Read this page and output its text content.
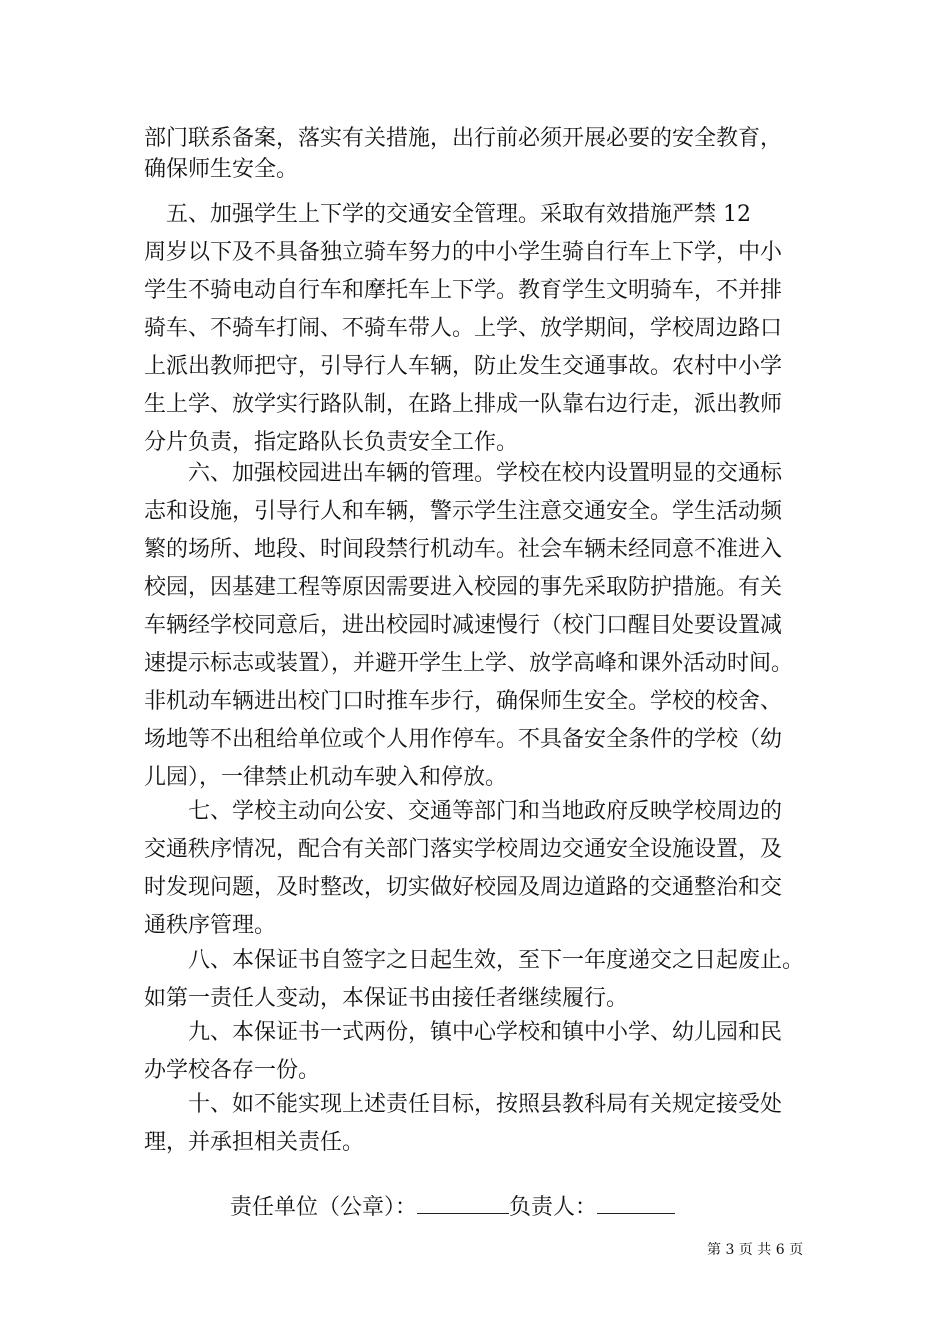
部门联系备案，落实有关措施，出行前必须开展必要的安全教育，
确保师生安全。
　五、加强学生上下学的交通安全管理。采取有效措施严禁 12
周岁以下及不具备独立骑车努力的中小学生骑自行车上下学，中小
学生不骑电动自行车和摩托车上下学。教育学生文明骑车，不并排
骑车、不骑车打闹、不骑车带人。上学、放学期间，学校周边路口
上派出教师把守，引导行人车辆，防止发生交通事故。农村中小学
生上学、放学实行路队制，在路上排成一队靠右边行走，派出教师
分片负责，指定路队长负责安全工作。
　　六、加强校园进出车辆的管理。学校在校内设置明显的交通标
志和设施，引导行人和车辆，警示学生注意交通安全。学生活动频
繁的场所、地段、时间段禁行机动车。社会车辆未经同意不准进入
校园，因基建工程等原因需要进入校园的事先采取防护措施。有关
车辆经学校同意后，进出校园时减速慢行（校门口醒目处要设置减
速提示标志或装置），并避开学生上学、放学高峰和课外活动时间。
非机动车辆进出校门口时推车步行，确保师生安全。学校的校舍、
场地等不出租给单位或个人用作停车。不具备安全条件的学校（幼
儿园），一律禁止机动车驶入和停放。
　　七、学校主动向公安、交通等部门和当地政府反映学校周边的
交通秩序情况，配合有关部门落实学校周边交通安全设施设置，及
时发现问题，及时整改，切实做好校园及周边道路的交通整治和交
通秩序管理。
　　八、本保证书自签字之日起生效，至下一年度递交之日起废止。
如第一责任人变动，本保证书由接任者继续履行。
　　九、本保证书一式两份，镇中心学校和镇中小学、幼儿园和民
办学校各存一份。
　　十、如不能实现上述责任目标，按照县教科局有关规定接受处
理，并承担相关责任。

责任单位（公章）：	负责人：

第 3 页 共 6 页
